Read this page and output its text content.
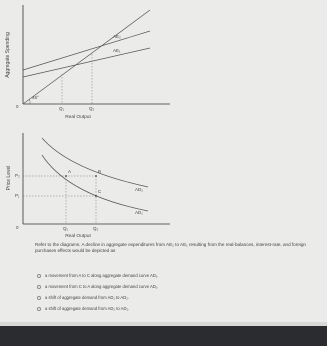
Aggregate Spending
0
AE₂
AE₁
45°
Q₁	Q₂
Real Output
Price Level
0
AD₂
AD₁
P₂
P₁
A	B
C
Q₁	Q₂
Real Output
Refer to the diagrams. A decline in aggregate expenditures from AE₂ to AE₁ resulting from the real-balances, interest-rate, and foreign purchases effects would be depicted as
a movement from A to C along aggregate demand curve AD₁.
a movement from C to A along aggregate demand curve AD₁.
a shift of aggregate demand from AD₁ to AD₂.
a shift of aggregate demand from AD₂ to AD₁.
